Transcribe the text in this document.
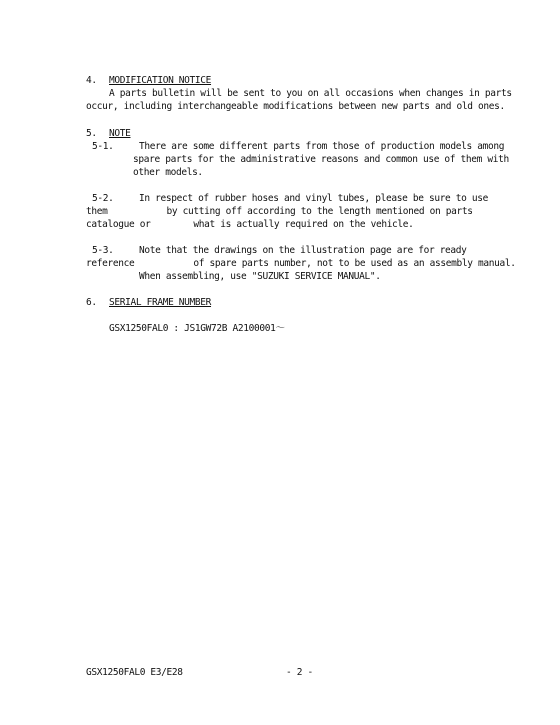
4. MODIFICATION NOTICE
A parts bulletin will be sent to you on all occasions when changes in parts
occur, including interchangeable modifications between new parts and old ones.
5. NOTE
5-1.	There are some different parts from those of production models among
spare parts for the administrative reasons and common use of them with
other models.
5-2.	In respect of rubber hoses and vinyl tubes, please be sure to use
them           by cutting off according to the length mentioned on parts
catalogue or        what is actually required on the vehicle.
5-3.	Note that the drawings on the illustration page are for ready
reference           of spare parts number, not to be used as an assembly manual.
When assembling, use "SUZUKI SERVICE MANUAL".
6. SERIAL FRAME NUMBER
GSX1250FAL0 : JS1GW72B A2100001～
GSX1250FAL0 E3/E28	- 2 -
